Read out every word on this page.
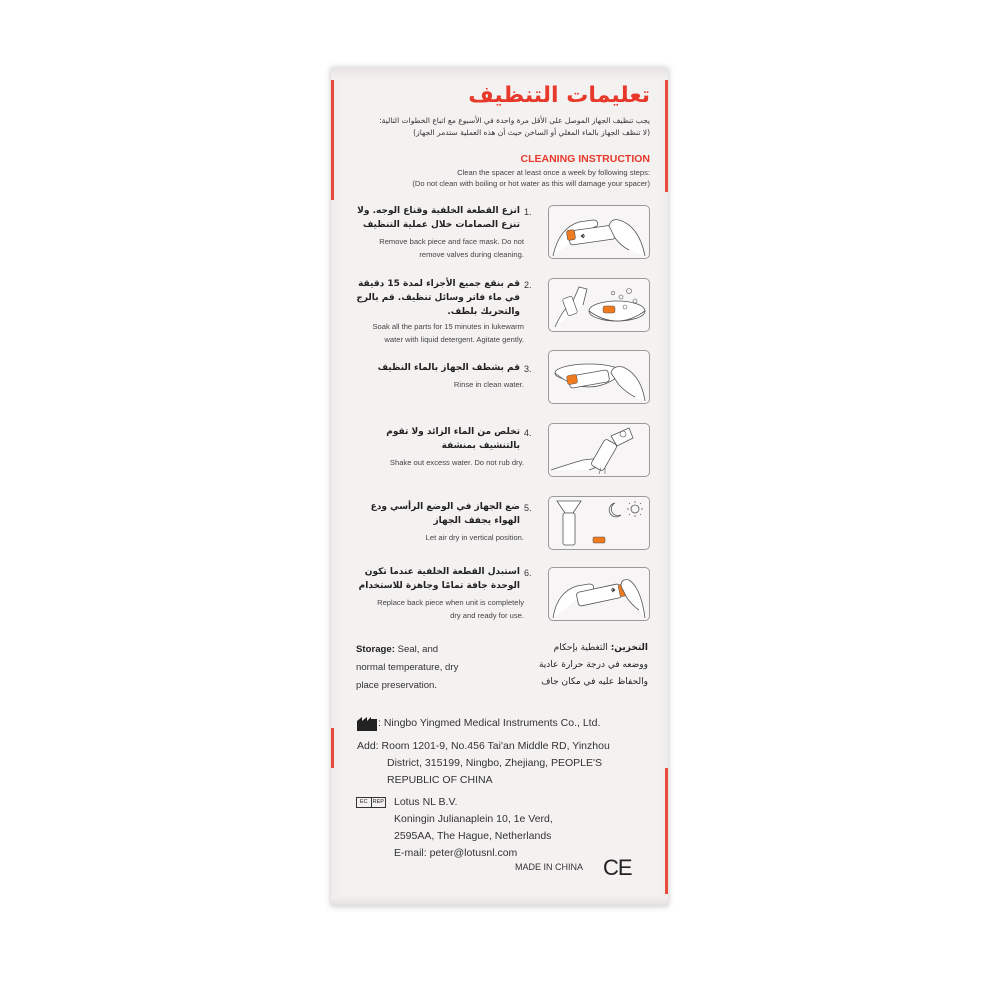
تعليمات التنظيف
يجب تنظيف الجهاز الموصل على الأقل مرة واحدة في الأسبوع مع اتباع الخطوات التالية:
(لا تنظف الجهاز بالماء المغلي أو الساخن حيث أن هذه العملية ستدمر الجهاز)
CLEANING INSTRUCTION
Clean the spacer at least once a week by following steps:
(Do not clean with boiling or hot water as this will damage your spacer)
1.
انزع القطعة الخلفية وقناع الوجه. ولا
تنزع الصمامات خلال عملية التنظيف
Remove back piece and face mask. Do not
remove valves during cleaning.
2.
قم بنقع جميع الأجزاء لمدة 15 دقيقة
في ماء فاتر وسائل تنظيف. قم بالرج
والتحريك بلطف.
Soak all the parts for 15 minutes in lukewarm
water with liquid detergent. Agitate gently.
3.
قم بشطف الجهاز بالماء النظيف
Rinse in clean water.
4.
تخلص من الماء الزائد ولا تقوم
بالتنشيف بمنشفة
Shake out excess water. Do not rub dry.
5.
ضع الجهاز في الوضع الرأسي ودع
الهواء يجفف الجهاز
Let air dry in vertical position.
6.
استبدل القطعة الخلفية عندما تكون
الوحدة جافة تمامًا وجاهزة للاستخدام
Replace back piece when unit is completely
dry and ready for use.
Storage: Seal, and
normal temperature, dry
place preservation.
التخزين: التغطية بإحكام
ووضعه في درجة حرارة عادية
والحفاظ عليه في مكان جاف
: Ningbo Yingmed Medical Instruments Co., Ltd.
Add: Room 1201-9, No.456 Tai'an Middle RD, Yinzhou
District, 315199, Ningbo, Zhejiang, PEOPLE'S
REPUBLIC OF CHINA
EC REP Lotus NL B.V.
Koningin Julianaplein 10, 1e Verd,
2595AA, The Hague, Netherlands
E-mail: peter@lotusnl.com
MADE IN CHINA CE
